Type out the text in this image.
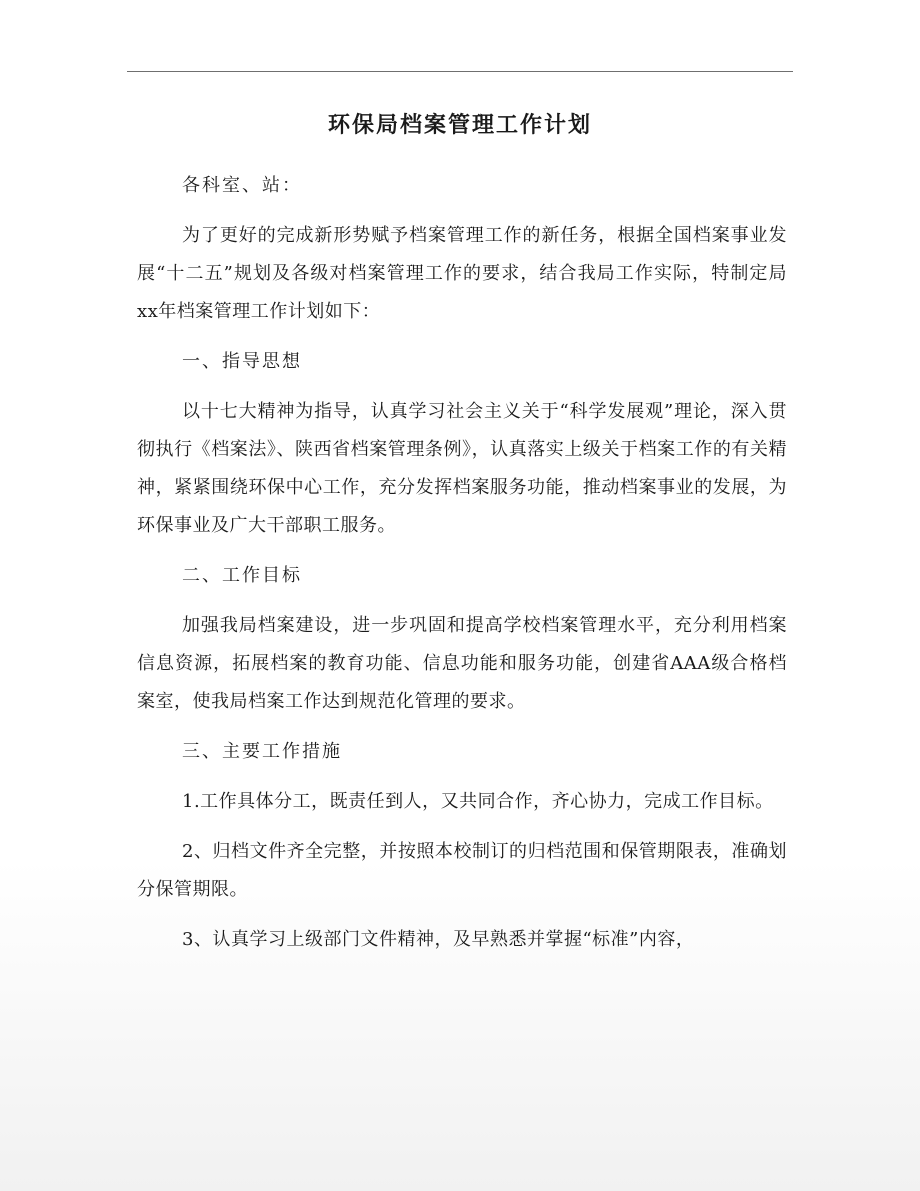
环保局档案管理工作计划

各科室、站：

为了更好的完成新形势赋予档案管理工作的新任务，根据全国档案事业发展“十二五”规划及各级对档案管理工作的要求，结合我局工作实际，特制定局xx年档案管理工作计划如下：

一、指导思想

以十七大精神为指导，认真学习社会主义关于“科学发展观”理论，深入贯彻执行《档案法》、陕西省档案管理条例》，认真落实上级关于档案工作的有关精神，紧紧围绕环保中心工作，充分发挥档案服务功能，推动档案事业的发展，为环保事业及广大干部职工服务。

二、工作目标

加强我局档案建设，进一步巩固和提高学校档案管理水平，充分利用档案信息资源，拓展档案的教育功能、信息功能和服务功能，创建省AAA级合格档案室，使我局档案工作达到规范化管理的要求。

三、主要工作措施

1.工作具体分工，既责任到人，又共同合作，齐心协力，完成工作目标。

2、归档文件齐全完整，并按照本校制订的归档范围和保管期限表，准确划分保管期限。

3、认真学习上级部门文件精神，及早熟悉并掌握“标准”内容，
